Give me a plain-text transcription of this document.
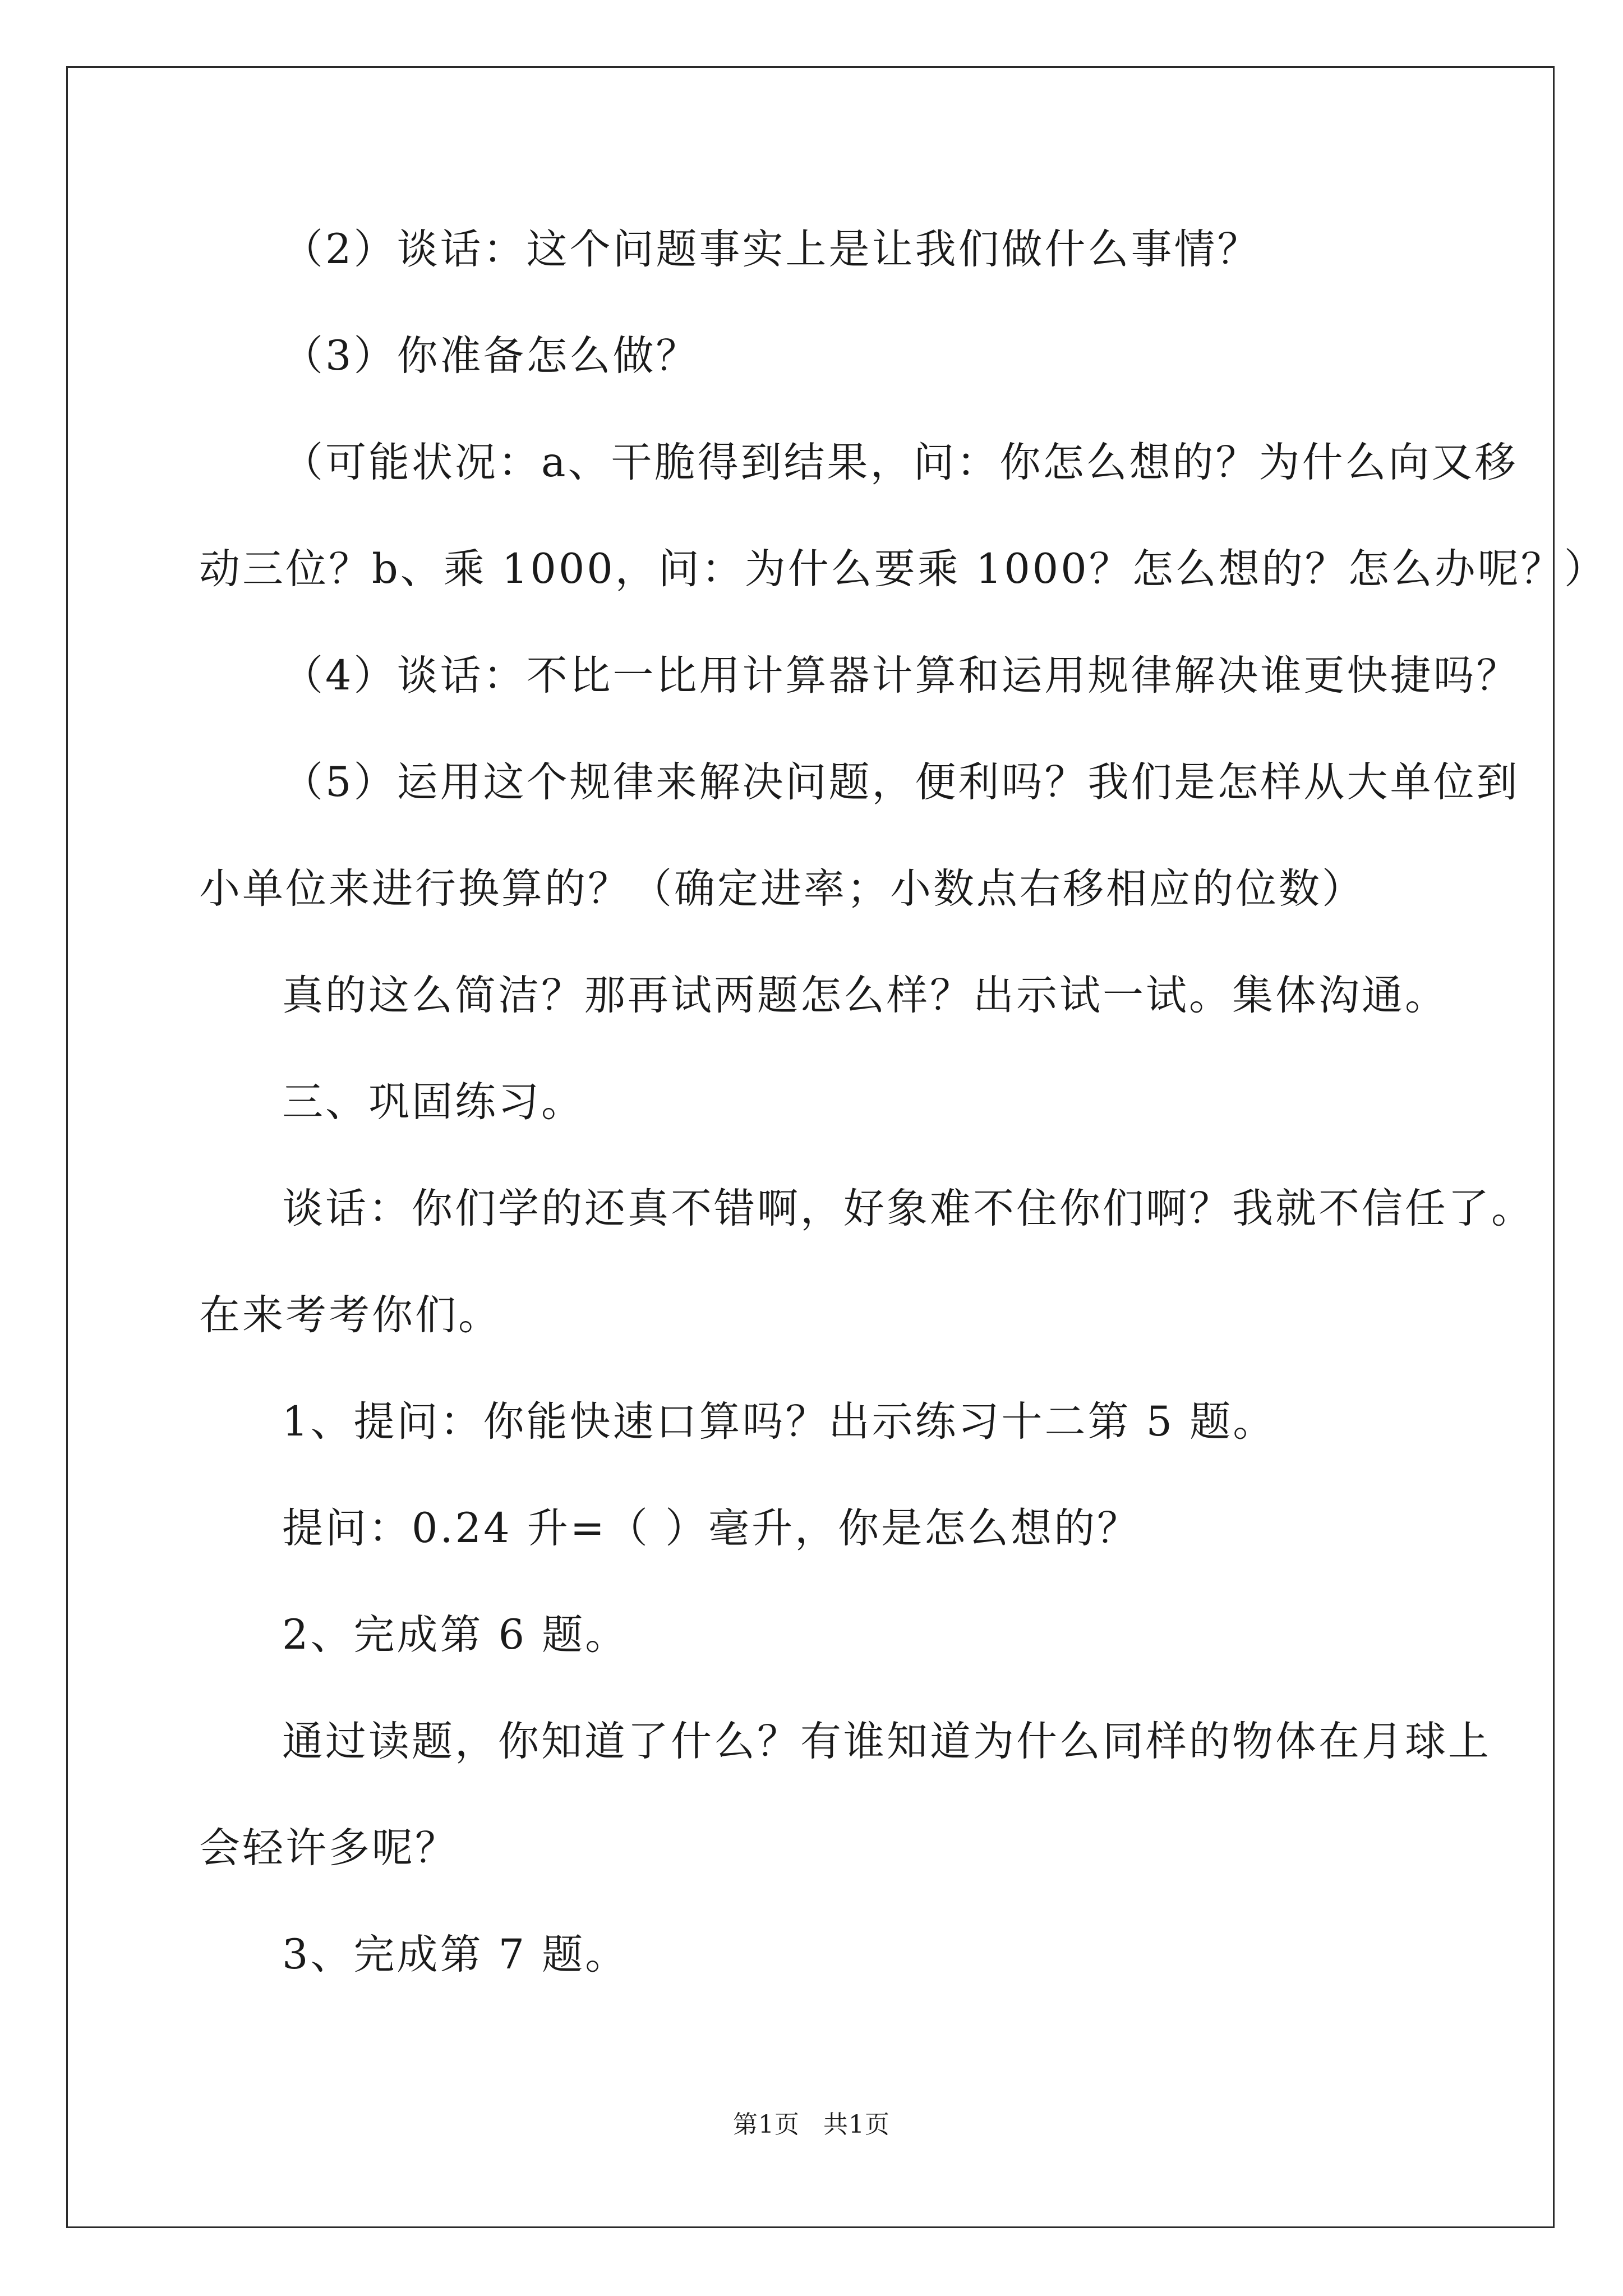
（2）谈话：这个问题事实上是让我们做什么事情？
（3）你准备怎么做？
（可能状况：a、干脆得到结果，问：你怎么想的？为什么向又移
动三位？b、乘 1000，问：为什么要乘 1000？怎么想的？怎么办呢？）
（4）谈话：不比一比用计算器计算和运用规律解决谁更快捷吗？
（5）运用这个规律来解决问题，便利吗？我们是怎样从大单位到
小单位来进行换算的？（确定进率；小数点右移相应的位数）
真的这么简洁？那再试两题怎么样？出示试一试。集体沟通。
三、巩固练习。
谈话：你们学的还真不错啊，好象难不住你们啊？我就不信任了。
在来考考你们。
1、提问：你能快速口算吗？出示练习十二第 5 题。
提问：0.24 升=（ ）毫升，你是怎么想的？
2、完成第 6 题。
通过读题，你知道了什么？有谁知道为什么同样的物体在月球上
会轻许多呢？
3、完成第 7 题。
第1页 共1页
